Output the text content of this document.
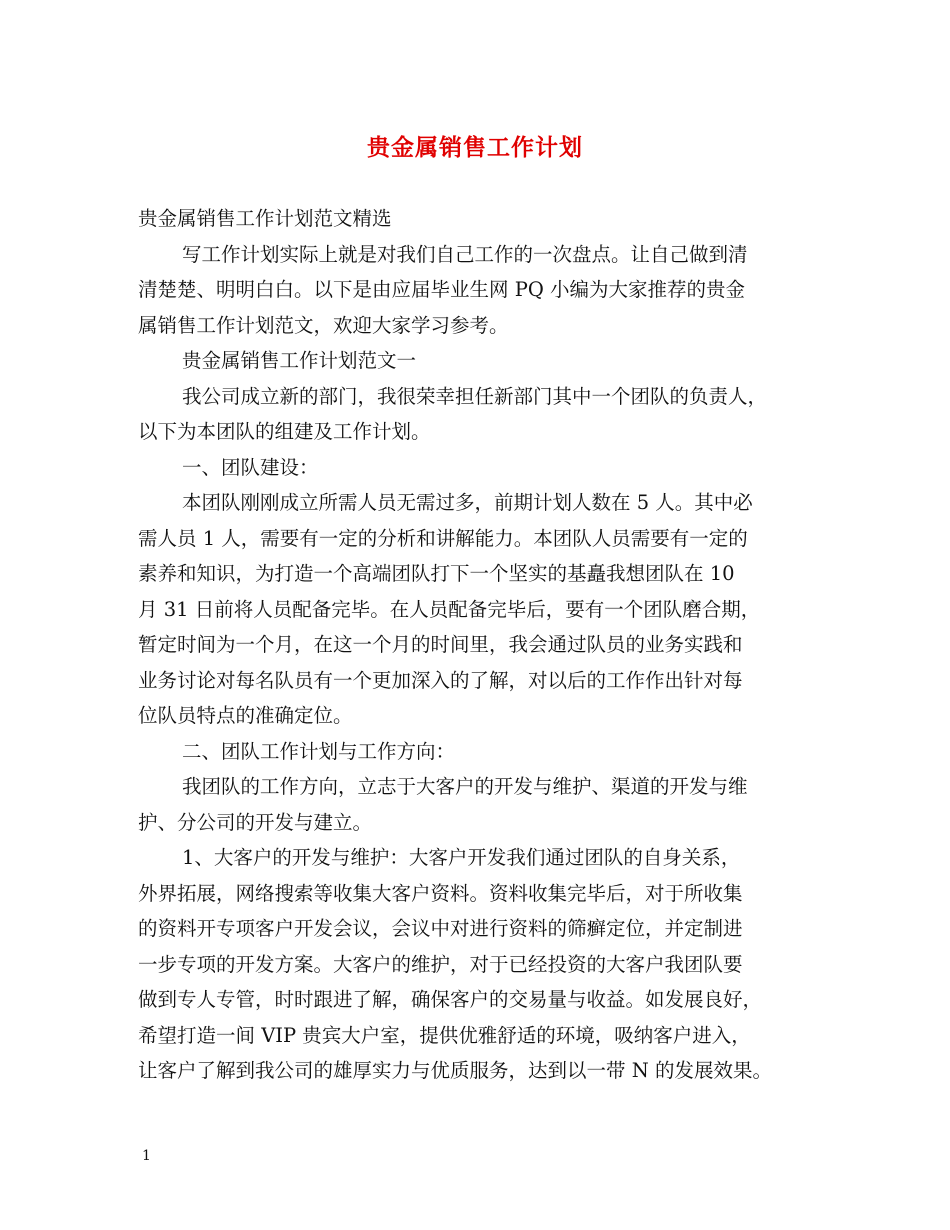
贵金属销售工作计划
贵金属销售工作计划范文精选
写工作计划实际上就是对我们自己工作的一次盘点。让自己做到清
清楚楚、明明白白。以下是由应届毕业生网 PQ 小编为大家推荐的贵金
属销售工作计划范文，欢迎大家学习参考。
贵金属销售工作计划范文一
我公司成立新的部门，我很荣幸担任新部门其中一个团队的负责人，
以下为本团队的组建及工作计划。
一、团队建设：
本团队刚刚成立所需人员无需过多，前期计划人数在 5 人。其中必
需人员 1 人，需要有一定的分析和讲解能力。本团队人员需要有一定的
素养和知识，为打造一个高端团队打下一个坚实的基矗我想团队在 10
月 31 日前将人员配备完毕。在人员配备完毕后，要有一个团队磨合期，
暂定时间为一个月，在这一个月的时间里，我会通过队员的业务实践和
业务讨论对每名队员有一个更加深入的了解，对以后的工作作出针对每
位队员特点的准确定位。
二、团队工作计划与工作方向：
我团队的工作方向，立志于大客户的开发与维护、渠道的开发与维
护、分公司的开发与建立。
1、大客户的开发与维护：大客户开发我们通过团队的自身关系，
外界拓展，网络搜索等收集大客户资料。资料收集完毕后，对于所收集
的资料开专项客户开发会议，会议中对进行资料的筛癣定位，并定制进
一步专项的开发方案。大客户的维护，对于已经投资的大客户我团队要
做到专人专管，时时跟进了解，确保客户的交易量与收益。如发展良好，
希望打造一间 VIP 贵宾大户室，提供优雅舒适的环境，吸纳客户进入，
让客户了解到我公司的雄厚实力与优质服务，达到以一带 N 的发展效果。
1
